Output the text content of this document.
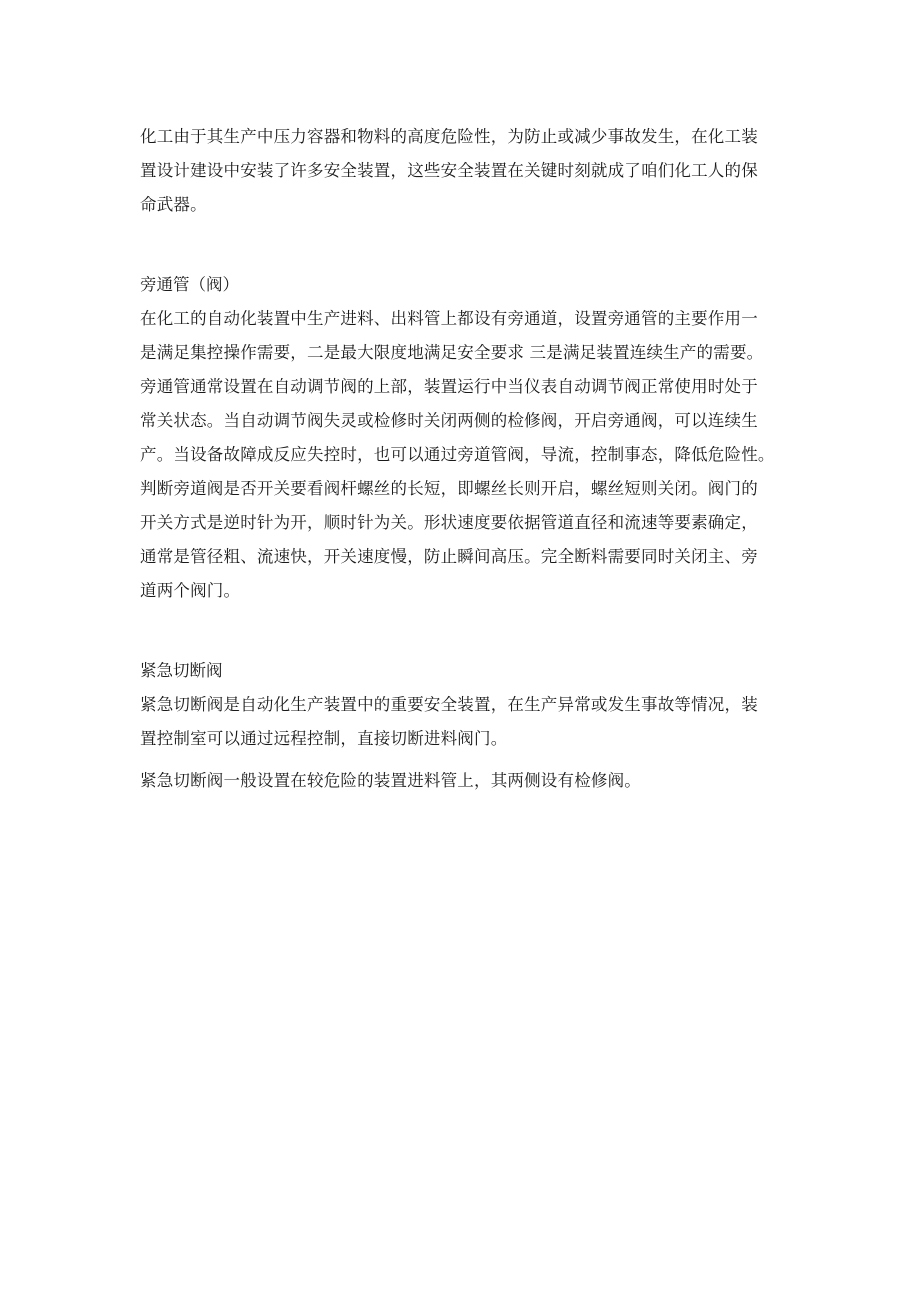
化工由于其生产中压力容器和物料的高度危险性，为防止或减少事故发生，在化工装
置设计建设中安装了许多安全装置，这些安全装置在关键时刻就成了咱们化工人的保
命武器。
旁通管（阀）
在化工的自动化装置中生产进料、出料管上都设有旁通道，设置旁通管的主要作用一
是满足集控操作需要，二是最大限度地满足安全要求 三是满足装置连续生产的需要。
旁通管通常设置在自动调节阀的上部，装置运行中当仪表自动调节阀正常使用时处于
常关状态。当自动调节阀失灵或检修时关闭两侧的检修阀，开启旁通阀，可以连续生
产。当设备故障成反应失控时，也可以通过旁道管阀，导流，控制事态，降低危险性。
判断旁道阀是否开关要看阀杆螺丝的长短，即螺丝长则开启，螺丝短则关闭。阀门的
开关方式是逆时针为开，顺时针为关。形状速度要依据管道直径和流速等要素确定，
通常是管径粗、流速快，开关速度慢，防止瞬间高压。完全断料需要同时关闭主、旁
道两个阀门。
紧急切断阀
紧急切断阀是自动化生产装置中的重要安全装置，在生产异常或发生事故等情况，装
置控制室可以通过远程控制，直接切断进料阀门。
紧急切断阀一般设置在较危险的装置进料管上，其两侧设有检修阀。
